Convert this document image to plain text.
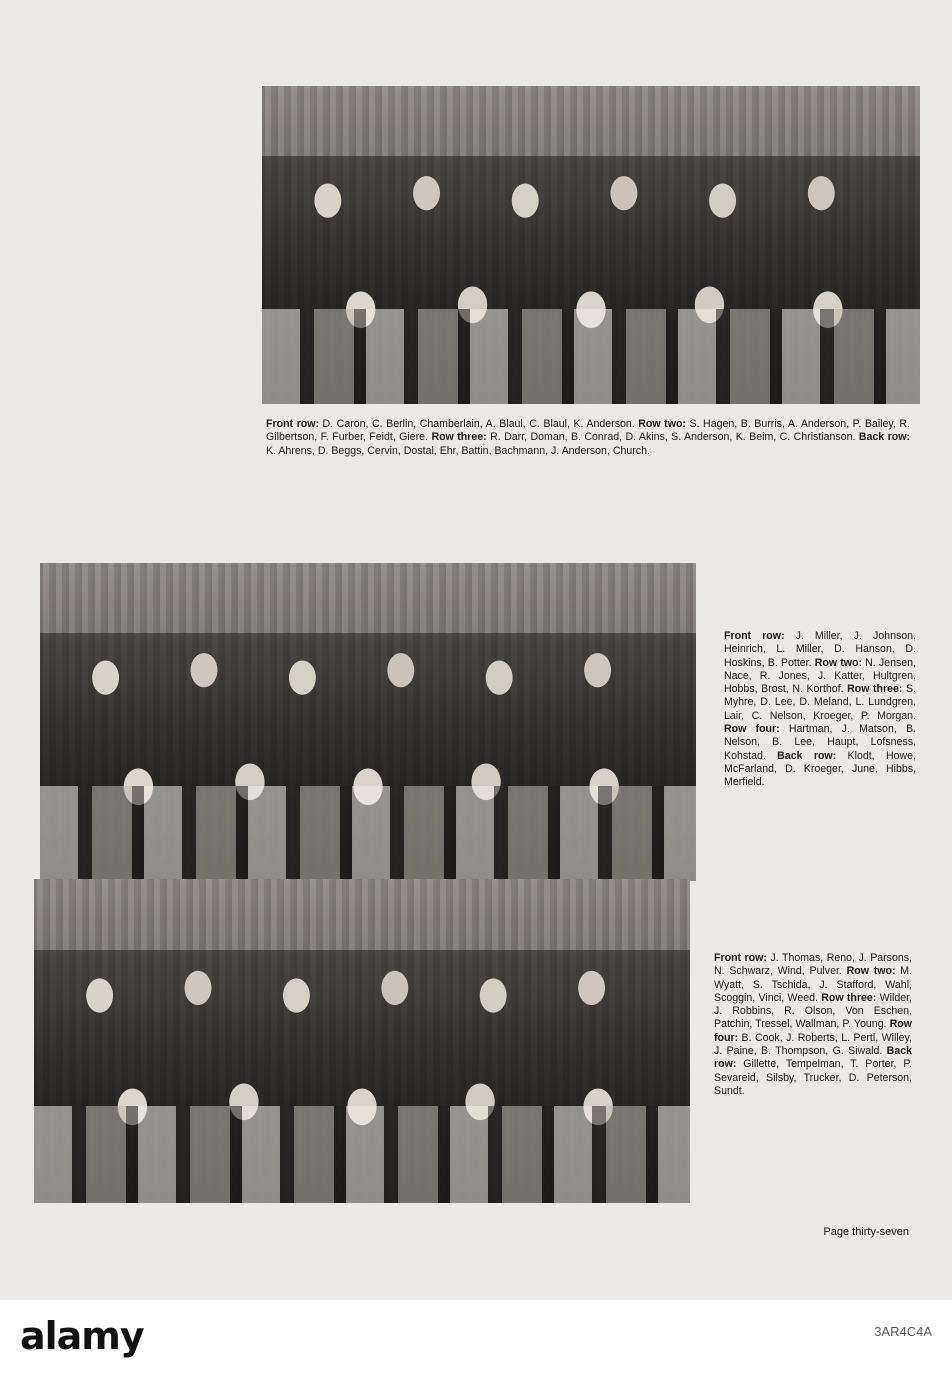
Front row: D. Caron, C. Berlin, Chamberlain, A. Blaul, C. Blaul, K. Anderson. Row two: S. Hagen, B. Burris, A. Anderson, P. Bailey, R. Gilbertson, F. Furber, Feidt, Giere. Row three: R. Darr, Doman, B. Conrad, D. Akins, S. Anderson, K. Beim, C. Christianson. Back row: K. Ahrens, D. Beggs, Cervin, Dostal, Ehr, Battin, Bachmann, J. Anderson, Church.

Front row: J. Miller, J. Johnson, Heinrich, L. Miller, D. Hanson, D. Hoskins, B. Potter. Row two: N. Jensen, Nace, R. Jones, J. Katter, Hultgren, Hobbs, Brost, N. Korthof. Row three: S. Myhre, D. Lee, D. Meland, L. Lundgren, Lair, C. Nelson, Kroeger, P. Morgan. Row four: Hartman, J. Matson, B. Nelson, B. Lee, Haupt, Lofsness, Kohstad. Back row: Klodt, Howe, McFarland, D. Kroeger, June, Hibbs, Merfield.

Front row: J. Thomas, Reno, J. Parsons, N. Schwarz, Wind, Pulver. Row two: M. Wyatt, S. Tschida, J. Stafford, Wahl, Scoggin, Vinci, Weed. Row three: Wilder, J. Robbins, R. Olson, Von Eschen, Patchin, Tressel, Wallman, P. Young. Row four: B. Cook, J. Roberts, L. Pertl, Willey, J. Paine, B. Thompson, G. Siwald. Back row: Gillette, Tempelman, T. Porter, P. Sevareid, Silsby, Trucker, D. Peterson, Sundt.

Page thirty-seven
alamy	3AR4C4A
